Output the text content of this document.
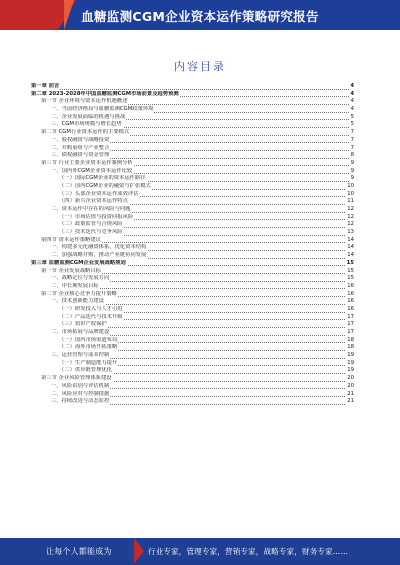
血糖监测CGM企业资本运作策略研究报告
内容目录
第一章 前言	4
第二章 2023-2028年中国血糖监测CGM市场前景及趋势预测	4
第一节 企业环境与资本运作机遇概述	4
一、当前经济格局与血糖监测CGM政策环境	4
二、企业发展面临的机遇与挑战	5
三、CGM市场规模与增长趋势	5
第二节 CGM行业资本运作的主要模式	7
一、股权融资与战略投资	7
二、并购重组与产业整合	7
三、债权融资与资金管理	8
第三节 行业主要企业资本运作案例分析	9
一、国内外CGM企业资本运作比较	9
（一）国际CGM企业的资本运作路径	9
（二）国内CGM企业的融资与扩张模式	10
（三）头部企业资本运作成效评估	10
（四）新兴企业资本运作特点	11
二、资本运作中存在的风险与问题	12
（一）市场估值与投资回报风险	12
（二）政策监管与合规风险	12
（三）技术迭代与竞争风险	13
第四节 资本运作策略建议	14
一、构建多元化融资体系，优化资本结构	14
二、加强战略并购，推动产业链协同发展	14
第三章 血糖监测CGM企业发展战略规划	15
第一节 企业发展战略目标	15
一、战略定位与发展方向	15
二、中长期发展目标	16
第二节 企业核心竞争力提升策略	16
一、技术创新能力建设	16
（一）研发投入与人才引进	16
（二）产品迭代与技术升级	17
（三）知识产权保护	17
二、市场拓展与品牌建设	17
（一）国内市场渠道布局	18
（二）海外市场开拓策略	18
三、运营管理与成本控制	19
（一）生产制造能力提升	19
（二）供应链管理优化	19
第三节 企业风险管理体系建设	20
一、风险识别与评估机制	20
二、风险应对与控制措施	21
三、持续改进与动态监控	21
让每个人都能成为	行业专家，管理专家，营销专家，战略专家，财务专家……
